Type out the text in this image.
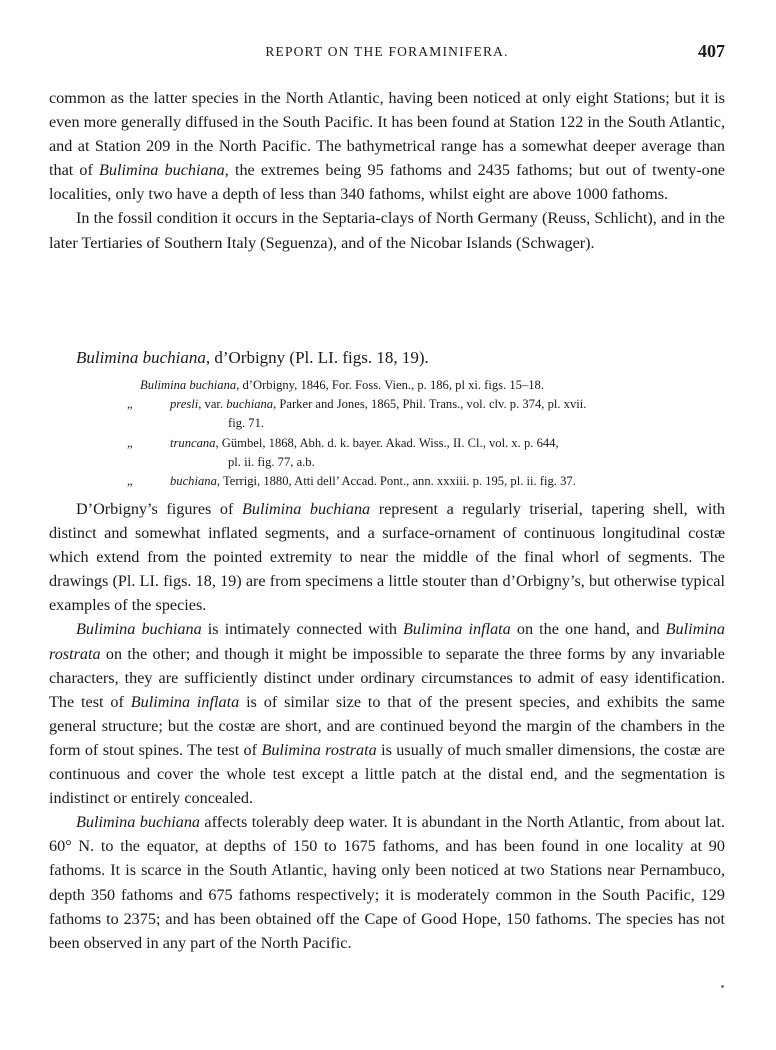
REPORT ON THE FORAMINIFERA.	407

common as the latter species in the North Atlantic, having been noticed at only eight Stations; but it is even more generally diffused in the South Pacific. It has been found at Station 122 in the South Atlantic, and at Station 209 in the North Pacific. The bathymetrical range has a somewhat deeper average than that of Bulimina buchiana, the extremes being 95 fathoms and 2435 fathoms; but out of twenty-one localities, only two have a depth of less than 340 fathoms, whilst eight are above 1000 fathoms.

In the fossil condition it occurs in the Septaria-clays of North Germany (Reuss, Schlicht), and in the later Tertiaries of Southern Italy (Seguenza), and of the Nicobar Islands (Schwager).

Bulimina buchiana, d’Orbigny (Pl. LI. figs. 18, 19).
Bulimina buchiana, d’Orbigny, 1846, For. Foss. Vien., p. 186, pl xi. figs. 15–18.
„	presli, var. buchiana, Parker and Jones, 1865, Phil. Trans., vol. clv. p. 374, pl. xvii.
fig. 71.
„	truncana, Gümbel, 1868, Abh. d. k. bayer. Akad. Wiss., II. Cl., vol. x. p. 644,
pl. ii. fig. 77, a.b.
„	buchiana, Terrigi, 1880, Atti dell’ Accad. Pont., ann. xxxiii. p. 195, pl. ii. fig. 37.

D’Orbigny’s figures of Bulimina buchiana represent a regularly triserial, tapering shell, with distinct and somewhat inflated segments, and a surface-ornament of continuous longitudinal costæ which extend from the pointed extremity to near the middle of the final whorl of segments. The drawings (Pl. LI. figs. 18, 19) are from specimens a little stouter than d’Orbigny’s, but otherwise typical examples of the species.

Bulimina buchiana is intimately connected with Bulimina inflata on the one hand, and Bulimina rostrata on the other; and though it might be impossible to separate the three forms by any invariable characters, they are sufficiently distinct under ordinary circumstances to admit of easy identification. The test of Bulimina inflata is of similar size to that of the present species, and exhibits the same general structure; but the costæ are short, and are continued beyond the margin of the chambers in the form of stout spines. The test of Bulimina rostrata is usually of much smaller dimensions, the costæ are continuous and cover the whole test except a little patch at the distal end, and the segmentation is indistinct or entirely concealed.

Bulimina buchiana affects tolerably deep water. It is abundant in the North Atlantic, from about lat. 60° N. to the equator, at depths of 150 to 1675 fathoms, and has been found in one locality at 90 fathoms. It is scarce in the South Atlantic, having only been noticed at two Stations near Pernambuco, depth 350 fathoms and 675 fathoms respectively; it is moderately common in the South Pacific, 129 fathoms to 2375; and has been obtained off the Cape of Good Hope, 150 fathoms. The species has not been observed in any part of the North Pacific.
